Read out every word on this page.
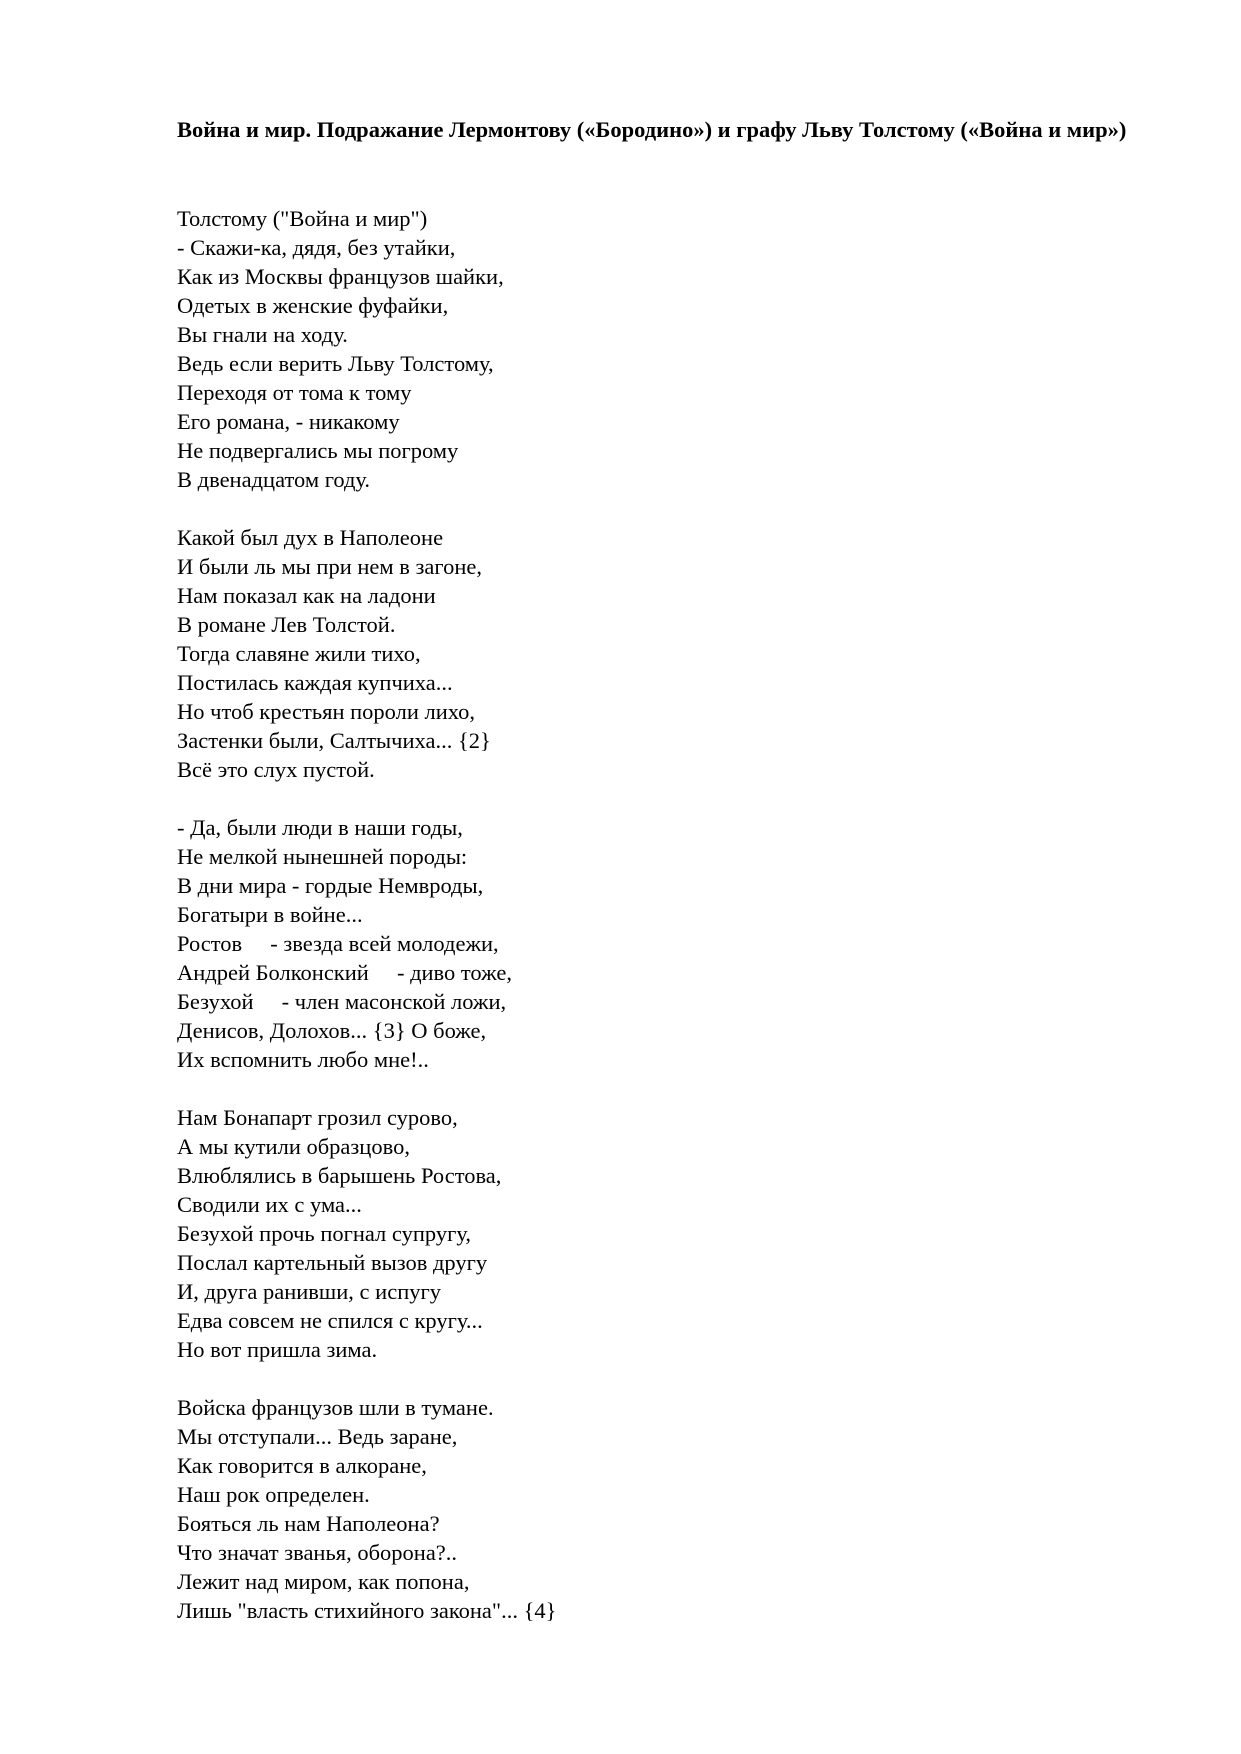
Война и мир. Подражание Лермонтову («Бородино») и графу Льву Толстому («Война и мир»)
Толстому ("Война и мир")
- Скажи-ка, дядя, без утайки,
Как из Москвы французов шайки,
Одетых в женские фуфайки,
Вы гнали на ходу.
Ведь если верить Льву Толстому,
Переходя от тома к тому
Его романа, - никакому
Не подвергались мы погрому
В двенадцатом году.
Какой был дух в Наполеоне
И были ль мы при нем в загоне,
Нам показал как на ладони
В романе Лев Толстой.
Тогда славяне жили тихо,
Постилась каждая купчиха...
Но чтоб крестьян пороли лихо,
Застенки были, Салтычиха... {2}
Всё это слух пустой.
- Да, были люди в наши годы,
Не мелкой нынешней породы:
В дни мира - гордые Немвроды,
Богатыри в войне...
Ростов     - звезда всей молодежи,
Андрей Болконский     - диво тоже,
Безухой     - член масонской ложи,
Денисов, Долохов... {3} О боже,
Их вспомнить любо мне!..
Нам Бонапарт грозил сурово,
А мы кутили образцово,
Влюблялись в барышень Ростова,
Сводили их с ума...
Безухой прочь погнал супругу,
Послал картельный вызов другу
И, друга ранивши, с испугу
Едва совсем не спился с кругу...
Но вот пришла зима.
Войска французов шли в тумане.
Мы отступали... Ведь заране,
Как говорится в алкоране,
Наш рок определен.
Бояться ль нам Наполеона?
Что значат званья, оборона?..
Лежит над миром, как попона,
Лишь "власть стихийного закона"... {4}
